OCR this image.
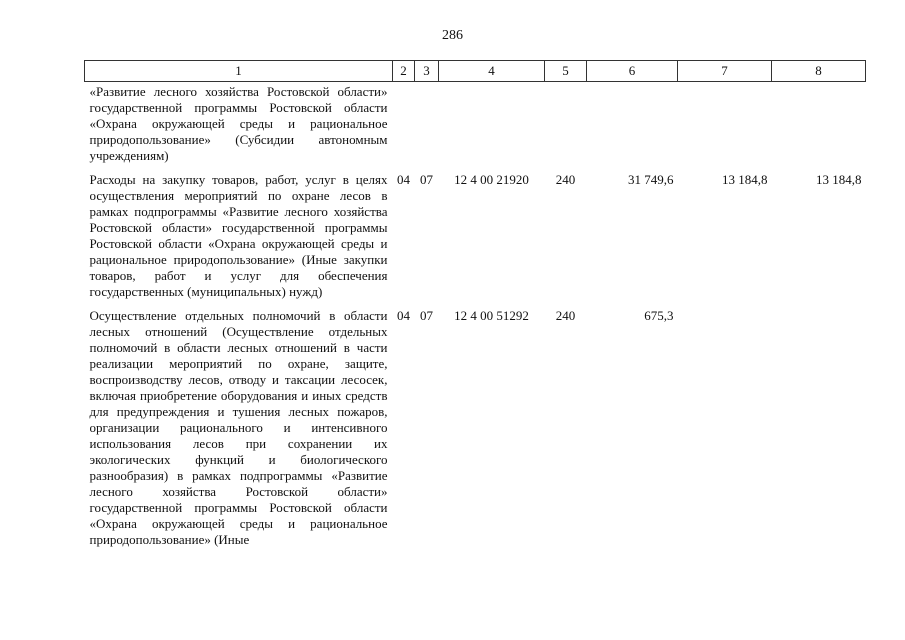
286
1	2	3	4	5	6	7	8
«Развитие лесного хозяйства Ростовской области» государственной программы Ростовской области «Охрана окружающей среды и рациональное природопользование» (Субсидии автономным учреждениям)							
Расходы на закупку товаров, работ, услуг в целях осуществления мероприятий по охране лесов в рамках подпрограммы «Развитие лесного хозяйства Ростовской области» государственной программы Ростовской области «Охрана окружающей среды и рациональное природопользование» (Иные закупки товаров, работ и услуг для обеспечения государственных (муниципальных) нужд)	04	07	12 4 00 21920	240	31 749,6	13 184,8	13 184,8
Осуществление отдельных полномочий в области лесных отношений (Осуществление отдельных полномочий в области лесных отношений в части реализации мероприятий по охране, защите, воспроизводству лесов, отводу и таксации лесосек, включая приобретение оборудования и иных средств для предупреждения и тушения лесных пожаров, организации рационального и интенсивного использования лесов при сохранении их экологических функций и биологического разнообразия) в рамках подпрограммы «Развитие лесного хозяйства Ростовской области» государственной программы Ростовской области «Охрана окружающей среды и рациональное природопользование» (Иные	04	07	12 4 00 51292	240	675,3		
